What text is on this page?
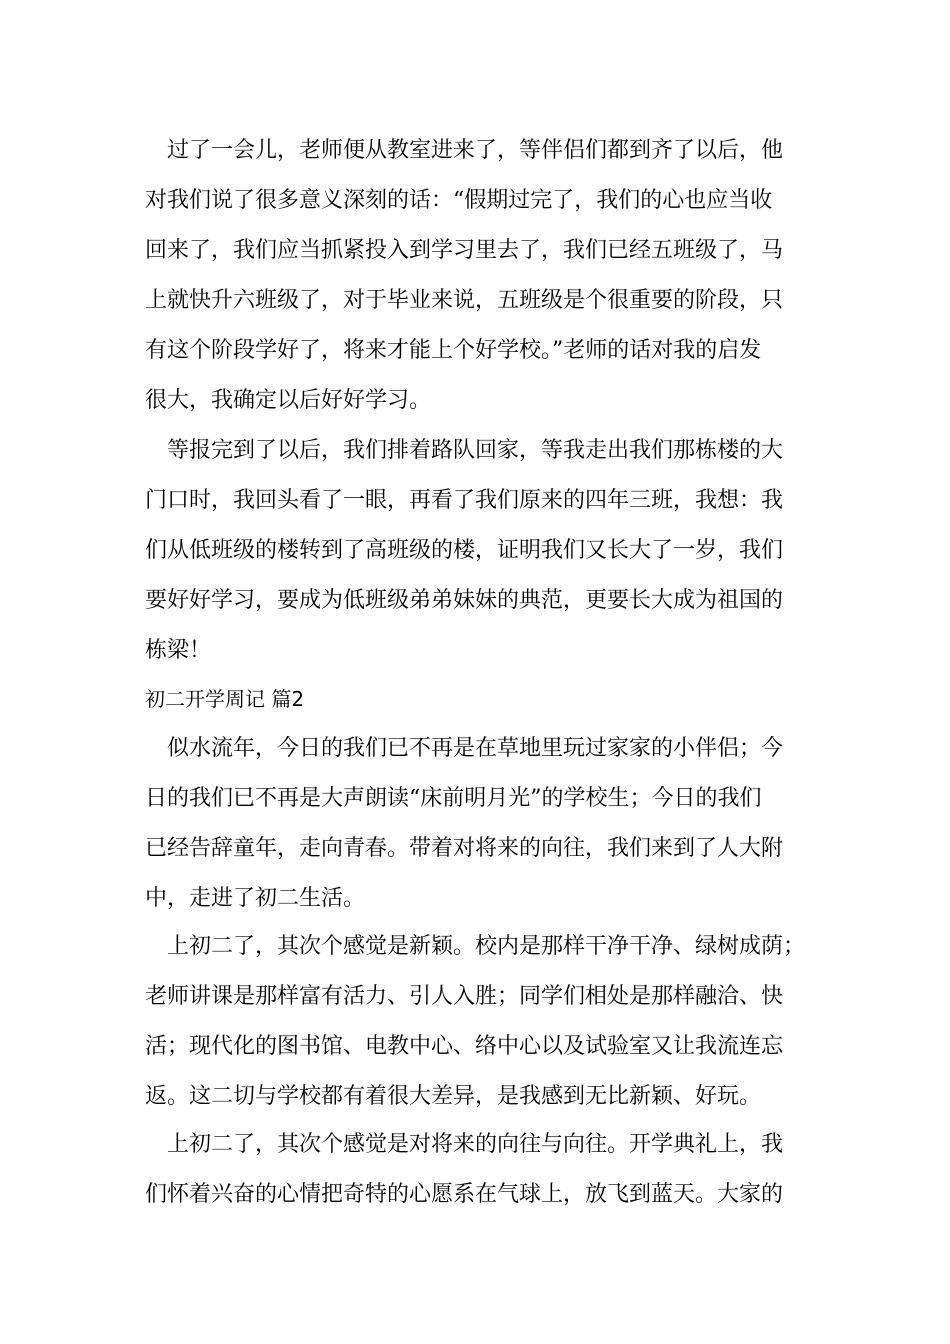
过了一会儿，老师便从教室进来了，等伴侣们都到齐了以后，他
对我们说了很多意义深刻的话：“假期过完了，我们的心也应当收
回来了，我们应当抓紧投入到学习里去了，我们已经五班级了，马
上就快升六班级了，对于毕业来说，五班级是个很重要的阶段，只
有这个阶段学好了，将来才能上个好学校。”老师的话对我的启发
很大，我确定以后好好学习。
等报完到了以后，我们排着路队回家，等我走出我们那栋楼的大
门口时，我回头看了一眼，再看了我们原来的四年三班，我想：我
们从低班级的楼转到了高班级的楼，证明我们又长大了一岁，我们
要好好学习，要成为低班级弟弟妹妹的典范，更要长大成为祖国的
栋梁！
初二开学周记 篇2
似水流年，今日的我们已不再是在草地里玩过家家的小伴侣；今
日的我们已不再是大声朗读“床前明月光”的学校生；今日的我们
已经告辞童年，走向青春。带着对将来的向往，我们来到了人大附
中，走进了初二生活。
上初二了，其次个感觉是新颖。校内是那样干净干净、绿树成荫；
老师讲课是那样富有活力、引人入胜；同学们相处是那样融洽、快
活；现代化的图书馆、电教中心、络中心以及试验室又让我流连忘
返。这二切与学校都有着很大差异，是我感到无比新颖、好玩。
上初二了，其次个感觉是对将来的向往与向往。开学典礼上，我
们怀着兴奋的心情把奇特的心愿系在气球上，放飞到蓝天。大家的
